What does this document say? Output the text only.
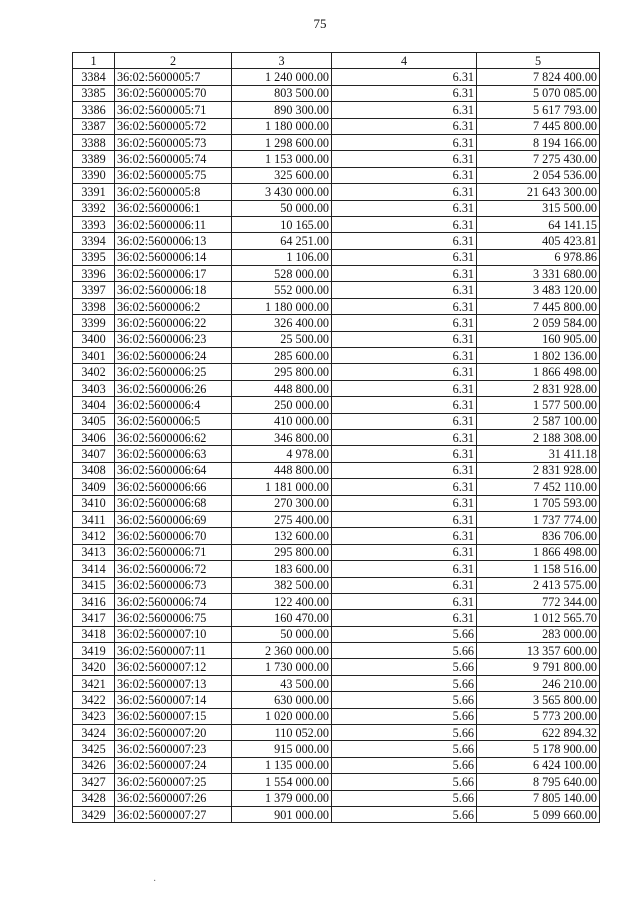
75
1	2	3	4	5
3384	36:02:5600005:7	1 240 000.00	6.31	7 824 400.00
3385	36:02:5600005:70	803 500.00	6.31	5 070 085.00
3386	36:02:5600005:71	890 300.00	6.31	5 617 793.00
3387	36:02:5600005:72	1 180 000.00	6.31	7 445 800.00
3388	36:02:5600005:73	1 298 600.00	6.31	8 194 166.00
3389	36:02:5600005:74	1 153 000.00	6.31	7 275 430.00
3390	36:02:5600005:75	325 600.00	6.31	2 054 536.00
3391	36:02:5600005:8	3 430 000.00	6.31	21 643 300.00
3392	36:02:5600006:1	50 000.00	6.31	315 500.00
3393	36:02:5600006:11	10 165.00	6.31	64 141.15
3394	36:02:5600006:13	64 251.00	6.31	405 423.81
3395	36:02:5600006:14	1 106.00	6.31	6 978.86
3396	36:02:5600006:17	528 000.00	6.31	3 331 680.00
3397	36:02:5600006:18	552 000.00	6.31	3 483 120.00
3398	36:02:5600006:2	1 180 000.00	6.31	7 445 800.00
3399	36:02:5600006:22	326 400.00	6.31	2 059 584.00
3400	36:02:5600006:23	25 500.00	6.31	160 905.00
3401	36:02:5600006:24	285 600.00	6.31	1 802 136.00
3402	36:02:5600006:25	295 800.00	6.31	1 866 498.00
3403	36:02:5600006:26	448 800.00	6.31	2 831 928.00
3404	36:02:5600006:4	250 000.00	6.31	1 577 500.00
3405	36:02:5600006:5	410 000.00	6.31	2 587 100.00
3406	36:02:5600006:62	346 800.00	6.31	2 188 308.00
3407	36:02:5600006:63	4 978.00	6.31	31 411.18
3408	36:02:5600006:64	448 800.00	6.31	2 831 928.00
3409	36:02:5600006:66	1 181 000.00	6.31	7 452 110.00
3410	36:02:5600006:68	270 300.00	6.31	1 705 593.00
3411	36:02:5600006:69	275 400.00	6.31	1 737 774.00
3412	36:02:5600006:70	132 600.00	6.31	836 706.00
3413	36:02:5600006:71	295 800.00	6.31	1 866 498.00
3414	36:02:5600006:72	183 600.00	6.31	1 158 516.00
3415	36:02:5600006:73	382 500.00	6.31	2 413 575.00
3416	36:02:5600006:74	122 400.00	6.31	772 344.00
3417	36:02:5600006:75	160 470.00	6.31	1 012 565.70
3418	36:02:5600007:10	50 000.00	5.66	283 000.00
3419	36:02:5600007:11	2 360 000.00	5.66	13 357 600.00
3420	36:02:5600007:12	1 730 000.00	5.66	9 791 800.00
3421	36:02:5600007:13	43 500.00	5.66	246 210.00
3422	36:02:5600007:14	630 000.00	5.66	3 565 800.00
3423	36:02:5600007:15	1 020 000.00	5.66	5 773 200.00
3424	36:02:5600007:20	110 052.00	5.66	622 894.32
3425	36:02:5600007:23	915 000.00	5.66	5 178 900.00
3426	36:02:5600007:24	1 135 000.00	5.66	6 424 100.00
3427	36:02:5600007:25	1 554 000.00	5.66	8 795 640.00
3428	36:02:5600007:26	1 379 000.00	5.66	7 805 140.00
3429	36:02:5600007:27	901 000.00	5.66	5 099 660.00
·
